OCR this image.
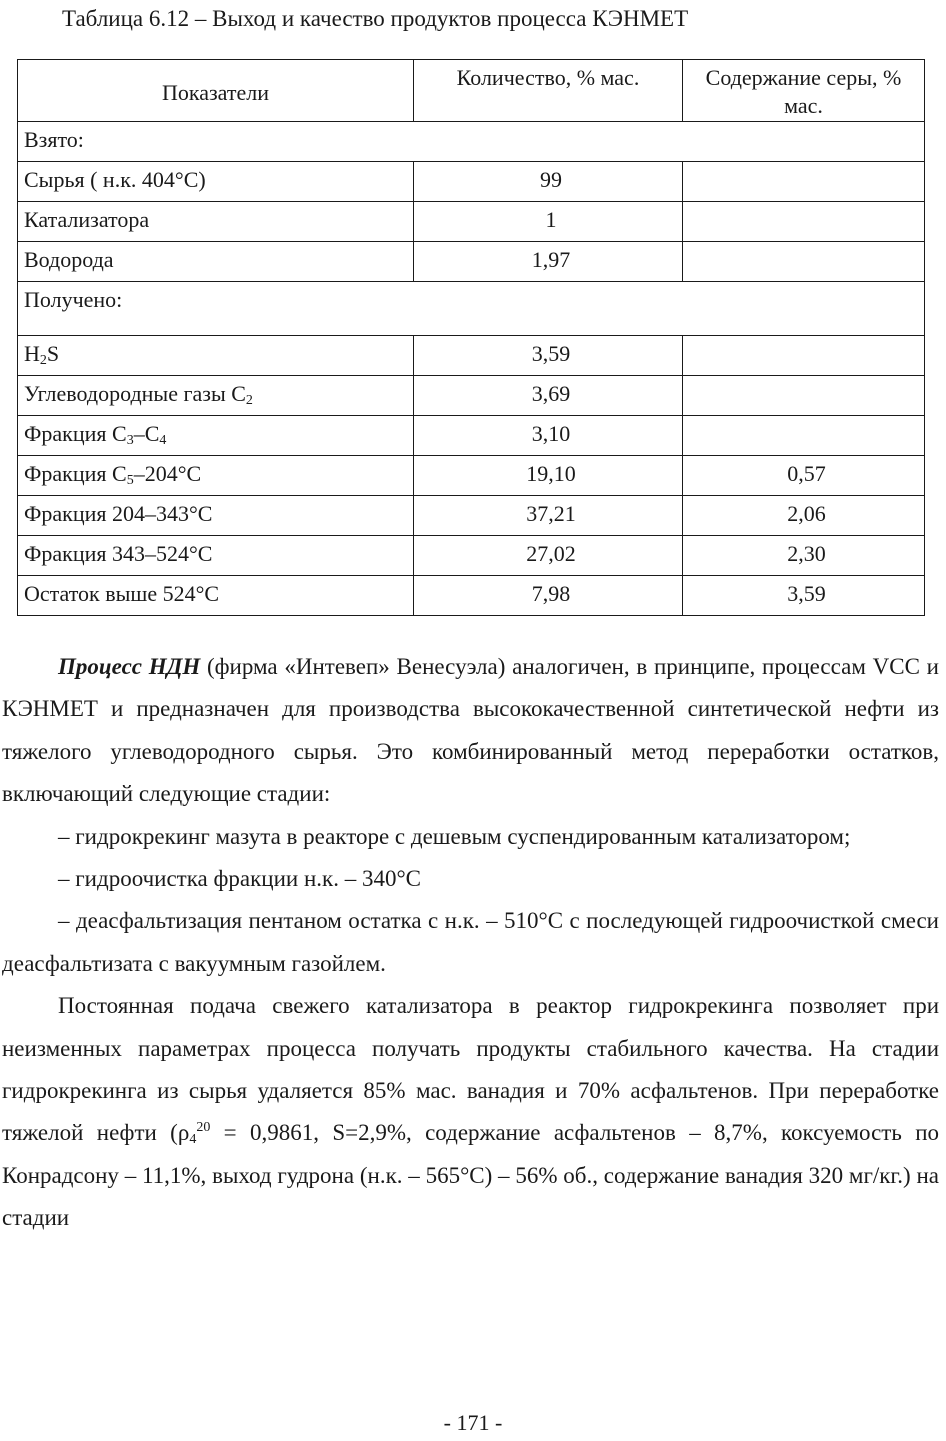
Таблица 6.12 – Выход и качество продуктов процесса КЭНМЕТ
Показатели	Количество, % мас.	Содержание серы, % мас.
Взято:		
Сырья ( н.к. 404°С)	99	
Катализатора	1	
Водорода	1,97	
Получено:		
$H_2S$	3,59	
Углеводородные газы $С_2$	3,69	
Фракция $С_3-С_4$	3,10	
Фракция $С_5-204^\circ С$	19,10	0,57
Фракция 204–343°С	37,21	2,06
Фракция 343–524°С	27,02	2,30
Остаток выше 524°С	7,98	3,59

Процесс НДН (фирма «Интевеп» Венесуэла) аналогичен, в принципе, процессам VCC и КЭНМЕТ и предназначен для производства высококачественной синтетической нефти из тяжелого углеводородного сырья. Это комбинированный метод переработки остатков, включающий следующие стадии:

– гидрокрекинг мазута в реакторе с дешевым суспендированным катализатором;

– гидроочистка фракции н.к. – 340°С

– деасфальтизация пентаном остатка с н.к. – 510°С с последующей гидроочисткой смеси деасфальтизата с вакуумным газойлем.

Постоянная подача свежего катализатора в реактор гидрокрекинга позволяет при неизменных параметрах процесса получать продукты стабильного качества. На стадии гидрокрекинга из сырья удаляется 85% мас. ванадия и 70% асфальтенов. При переработке тяжелой нефти ($\rho_4^{20} = 0,9861$, S=2,9%, содержание асфальтенов – 8,7%, коксуемость по Конрадсону – 11,1%, выход гудрона (н.к. – 565°С) – 56% об., содержание ванадия 320 мг/кг.) на стадии

- 171 -
